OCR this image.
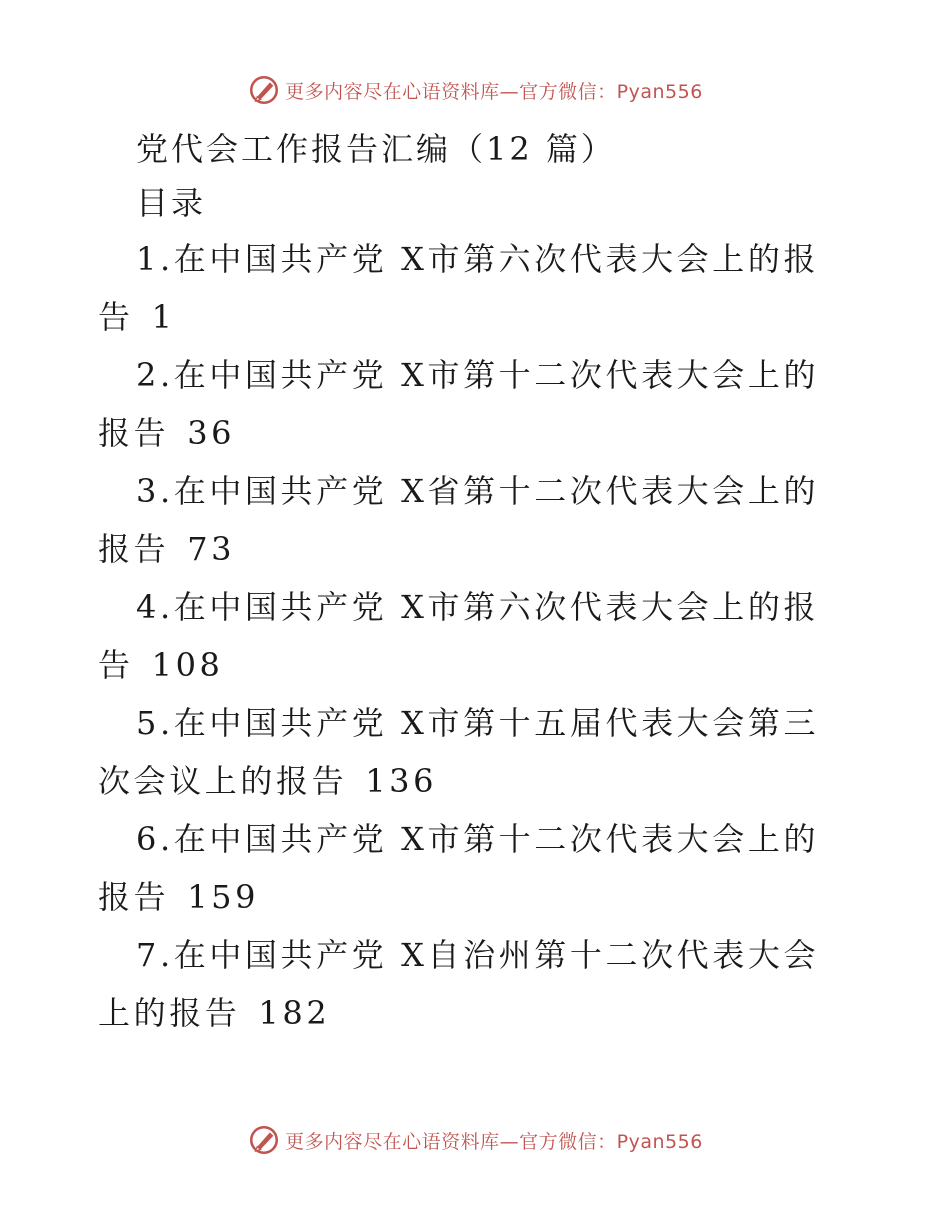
更多内容尽在心语资料库—官方微信：Pyan556
党代会工作报告汇编（12 篇）
目录
1.在中国共产党 X市第六次代表大会上的报告 1
2.在中国共产党 X市第十二次代表大会上的报告 36
3.在中国共产党 X省第十二次代表大会上的报告 73
4.在中国共产党 X市第六次代表大会上的报告 108
5.在中国共产党 X市第十五届代表大会第三次会议上的报告 136
6.在中国共产党 X市第十二次代表大会上的报告 159
7.在中国共产党 X自治州第十二次代表大会上的报告 182
更多内容尽在心语资料库—官方微信：Pyan556
